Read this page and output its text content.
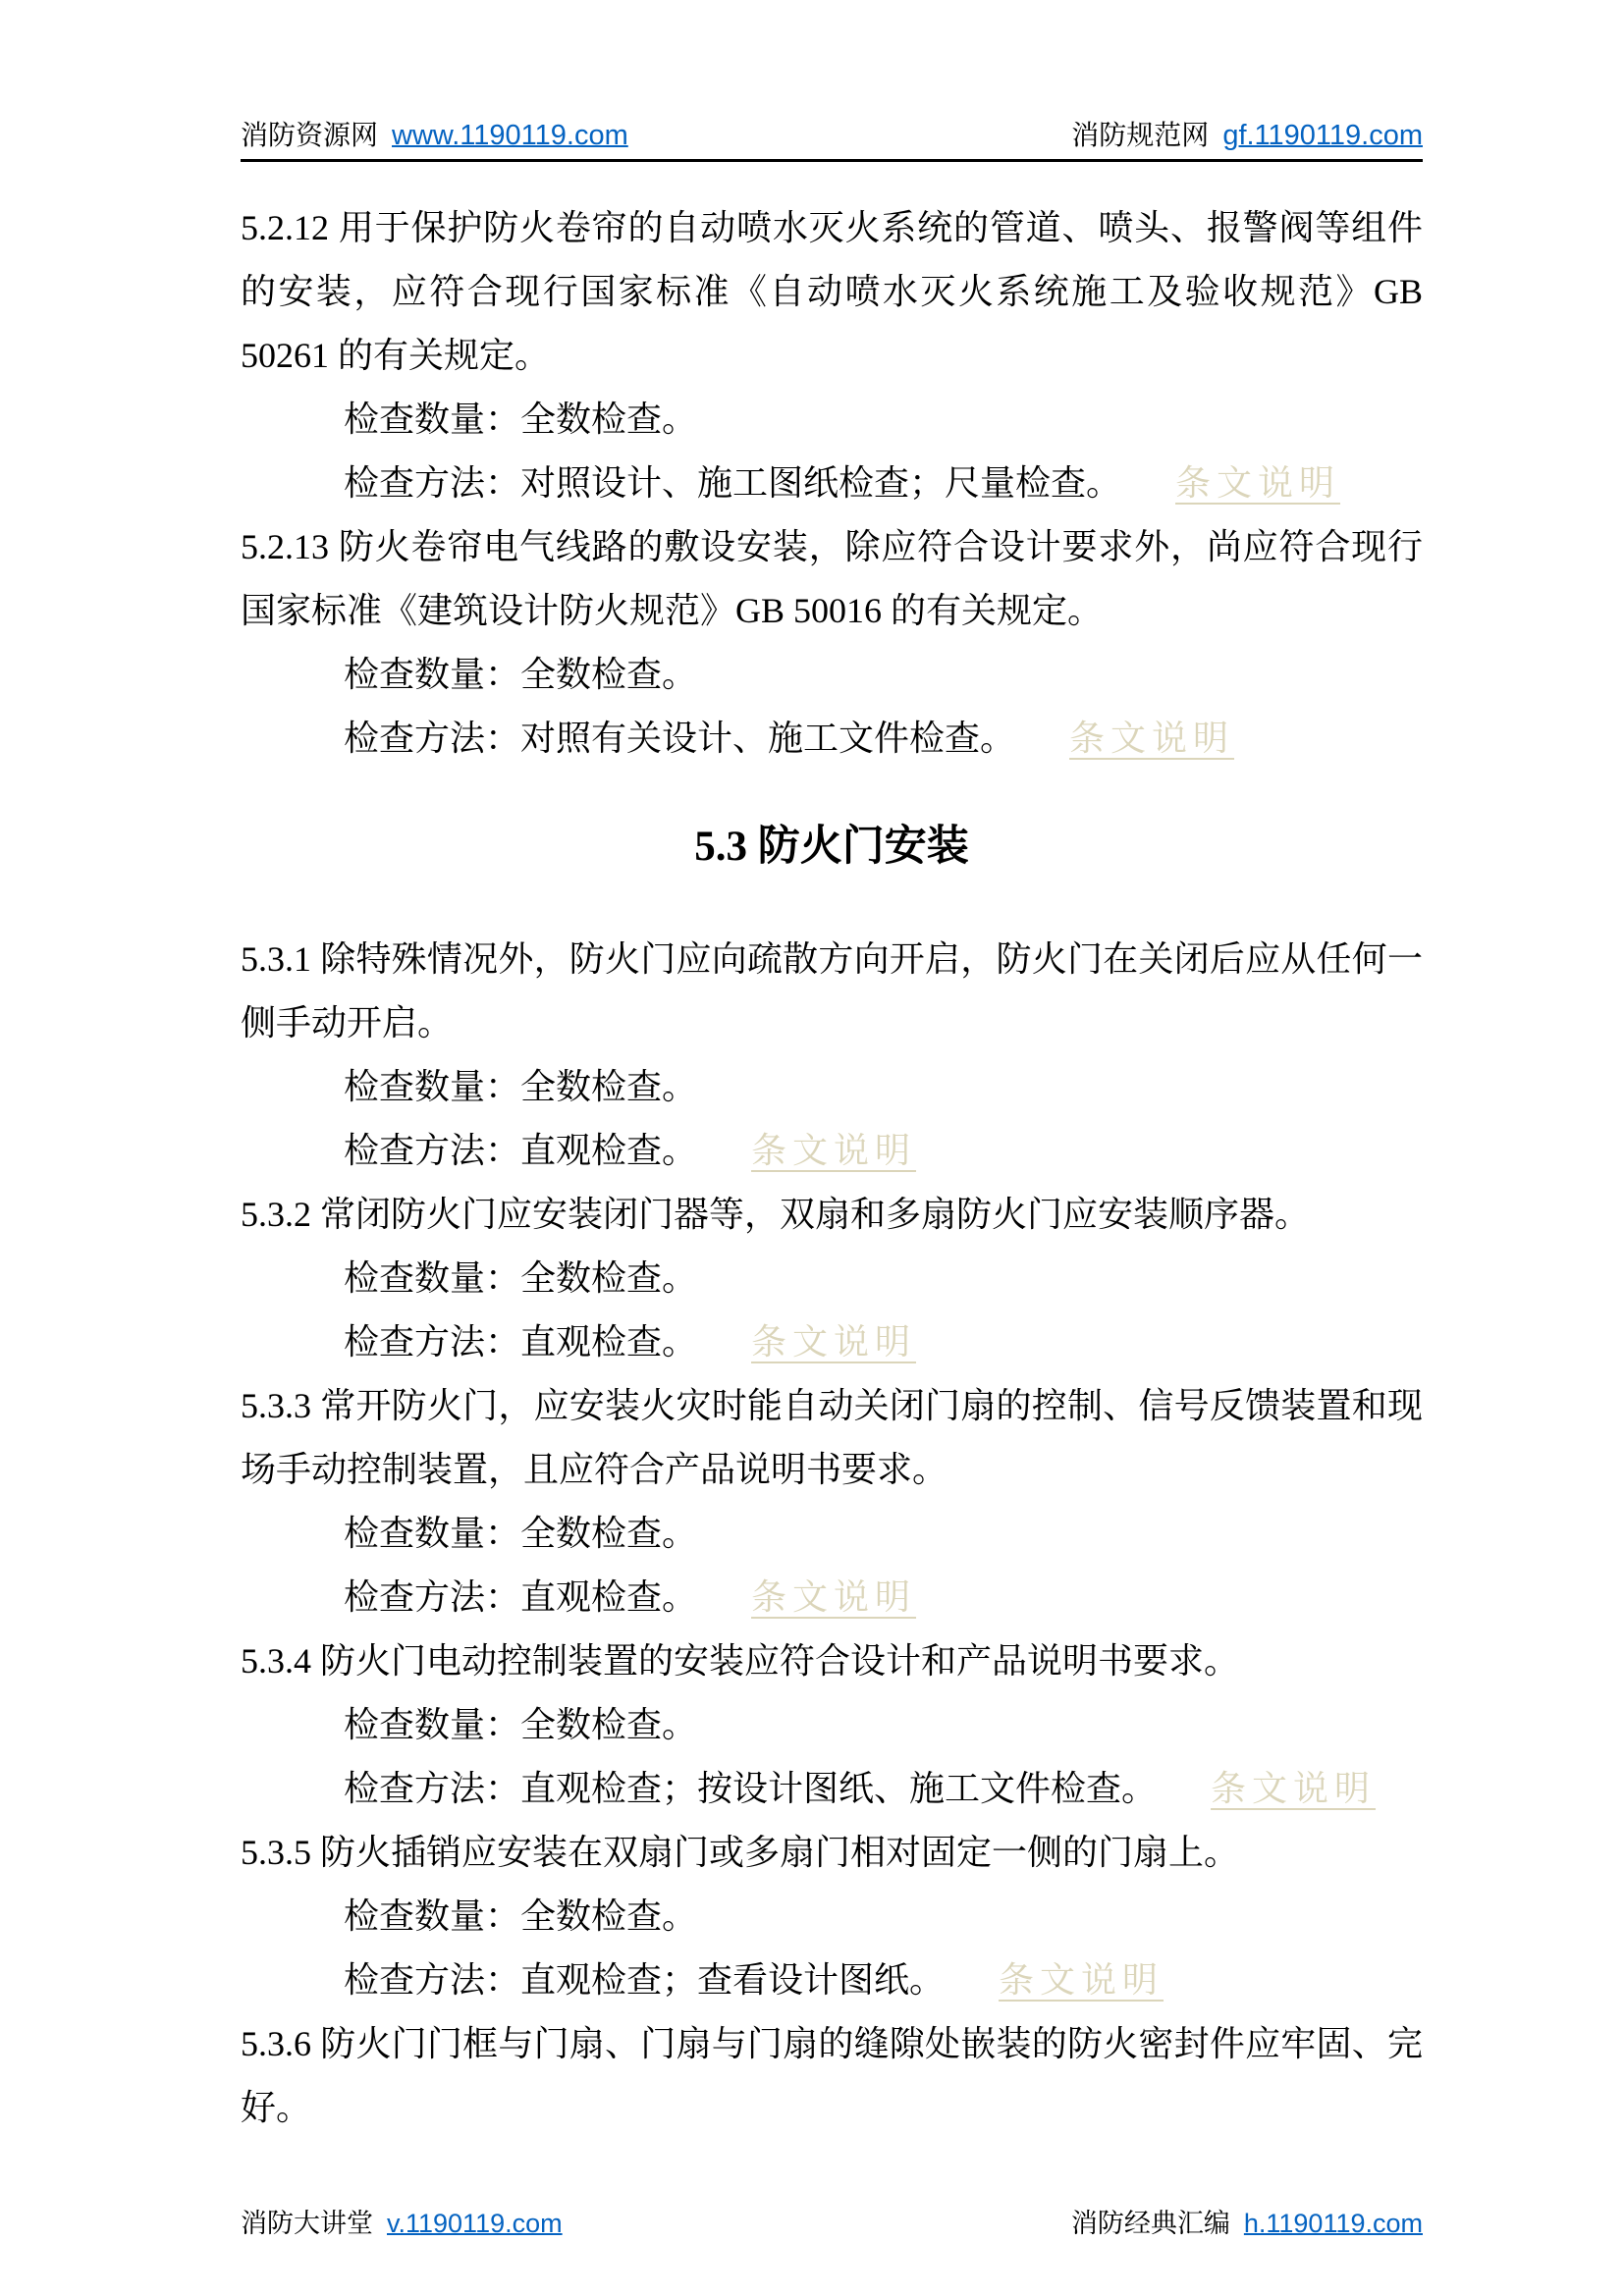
消防资源网 www.1190119.com	消防规范网 gf.1190119.com

5.2.12 用于保护防火卷帘的自动喷水灭火系统的管道、喷头、报警阀等组件的安装，应符合现行国家标准《自动喷水灭火系统施工及验收规范》GB 50261 的有关规定。

检查数量：全数检查。

检查方法：对照设计、施工图纸检查；尺量检查。 条文说明

5.2.13 防火卷帘电气线路的敷设安装，除应符合设计要求外，尚应符合现行国家标准《建筑设计防火规范》GB 50016 的有关规定。

检查数量：全数检查。

检查方法：对照有关设计、施工文件检查。 条文说明

5.3 防火门安装

5.3.1 除特殊情况外，防火门应向疏散方向开启，防火门在关闭后应从任何一侧手动开启。

检查数量：全数检查。

检查方法：直观检查。 条文说明

5.3.2 常闭防火门应安装闭门器等，双扇和多扇防火门应安装顺序器。

检查数量：全数检查。

检查方法：直观检查。 条文说明

5.3.3 常开防火门，应安装火灾时能自动关闭门扇的控制、信号反馈装置和现场手动控制装置，且应符合产品说明书要求。

检查数量：全数检查。

检查方法：直观检查。 条文说明

5.3.4 防火门电动控制装置的安装应符合设计和产品说明书要求。

检查数量：全数检查。

检查方法：直观检查；按设计图纸、施工文件检查。 条文说明

5.3.5 防火插销应安装在双扇门或多扇门相对固定一侧的门扇上。

检查数量：全数检查。

检查方法：直观检查；查看设计图纸。 条文说明

5.3.6 防火门门框与门扇、门扇与门扇的缝隙处嵌装的防火密封件应牢固、完好。

消防大讲堂 v.1190119.com	消防经典汇编 h.1190119.com
